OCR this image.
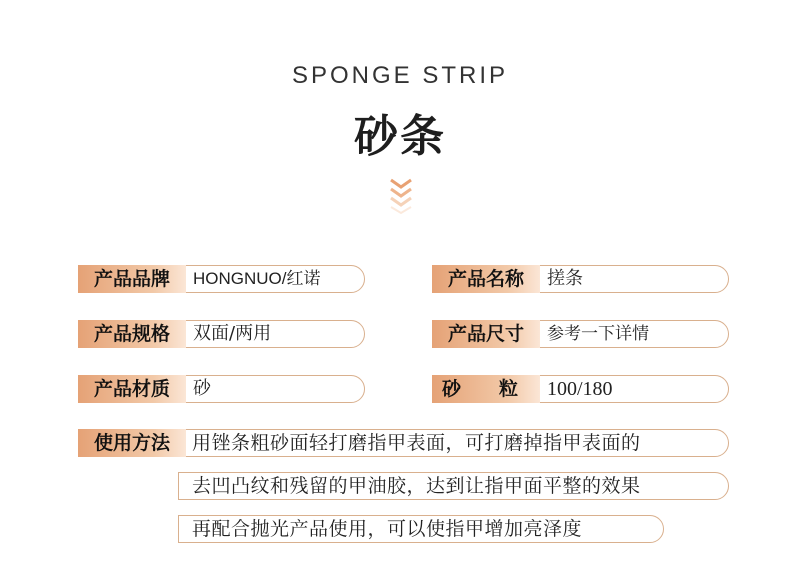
SPONGE STRIP
砂条
产品品牌	HONGNUO/红诺	产品名称	搓条
产品规格	双面/两用	产品尺寸	参考一下详情
产品材质	砂	砂 粒 100/180
使用方法	用锉条粗砂面轻打磨指甲表面，可打磨掉指甲表面的
去凹凸纹和残留的甲油胶，达到让指甲面平整的效果
再配合抛光产品使用，可以使指甲增加亮泽度
